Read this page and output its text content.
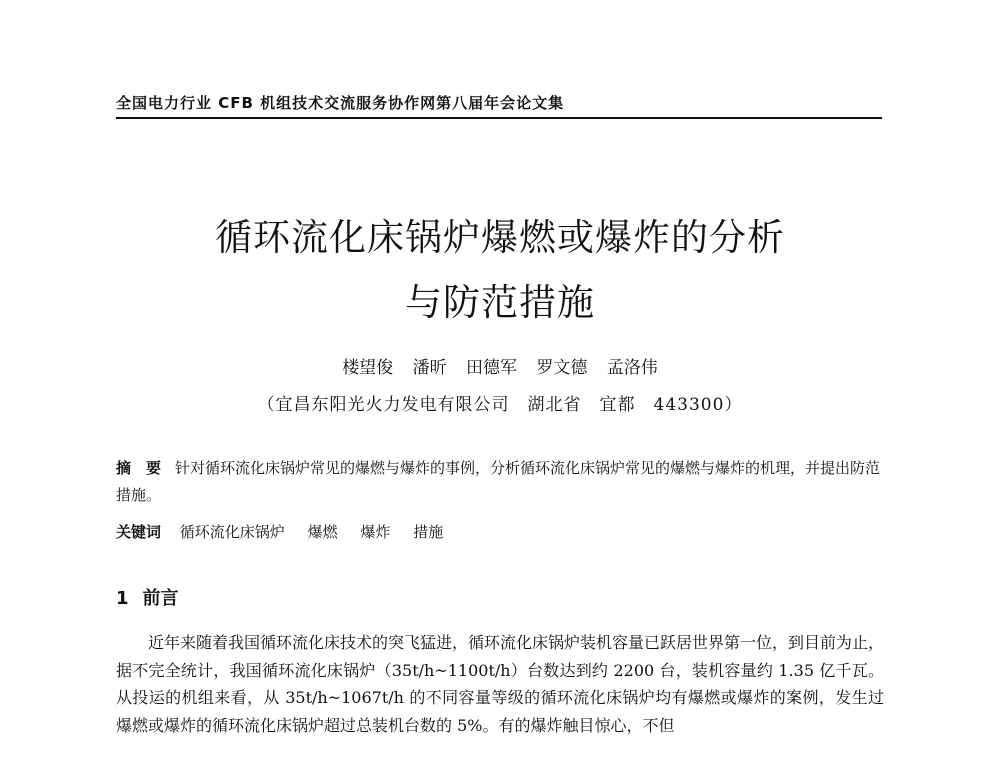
全国电力行业 CFB 机组技术交流服务协作网第八届年会论文集
循环流化床锅炉爆燃或爆炸的分析
与防范措施
楼望俊 潘昕 田德军 罗文德 孟洛伟
（宜昌东阳光火力发电有限公司　湖北省　宜都　443300）
摘　要 针对循环流化床锅炉常见的爆燃与爆炸的事例，分析循环流化床锅炉常见的爆燃与爆炸的机理，并提出防范措施。
关键词 循环流化床锅炉 爆燃 爆炸 措施
1 前言

近年来随着我国循环流化床技术的突飞猛进，循环流化床锅炉装机容量已跃居世界第一位，到目前为止，据不完全统计，我国循环流化床锅炉（35t/h~1100t/h）台数达到约 2200 台，装机容量约 1.35 亿千瓦。从投运的机组来看，从 35t/h~1067t/h 的不同容量等级的循环流化床锅炉均有爆燃或爆炸的案例，发生过爆燃或爆炸的循环流化床锅炉超过总装机台数的 5%。有的爆炸触目惊心，不但
